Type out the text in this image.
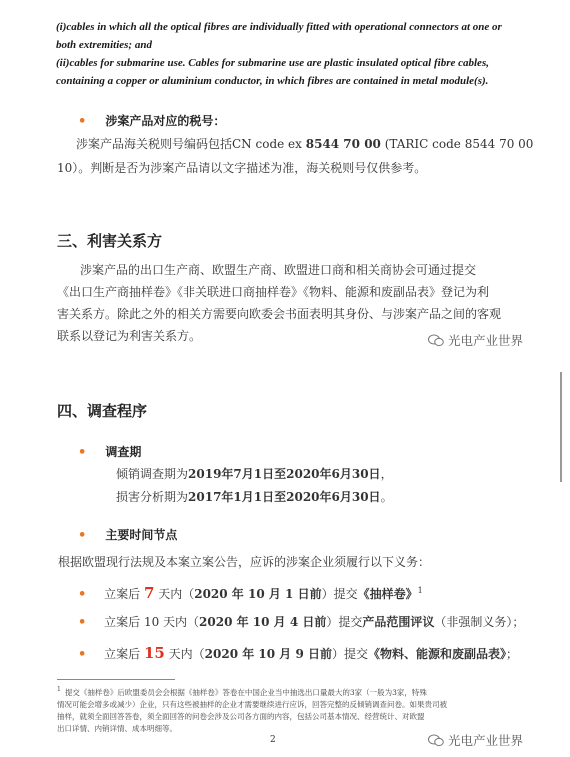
(i)cables in which all the optical fibres are individually fitted with operational connectors at one or
both extremities; and
(ii)cables for submarine use. Cables for submarine use are plastic insulated optical fibre cables,
containing a copper or aluminium conductor, in which fibres are contained in metal module(s).
• 涉案产品对应的税号：
涉案产品海关税则号编码包括CN code ex 8544 70 00 (TARIC code 8544 70 00
10）。判断是否为涉案产品请以文字描述为准，海关税则号仅供参考。
三、利害关系方
涉案产品的出口生产商、欧盟生产商、欧盟进口商和相关商协会可通过提交
《出口生产商抽样卷》《非关联进口商抽样卷》《物料、能源和废副品表》登记为利
害关系方。除此之外的相关方需要向欧委会书面表明其身份、与涉案产品之间的客观
联系以登记为利害关系方。	光电产业世界
四、调查程序
• 调查期
倾销调查期为2019年7月1日至2020年6月30日，
损害分析期为2017年1月1日至2020年6月30日。
• 主要时间节点
根据欧盟现行法规及本案立案公告，应诉的涉案企业须履行以下义务：
• 立案后 7 天内（2020 年 10 月 1 日前）提交《抽样卷》$^1$
• 立案后 10 天内（2020 年 10 月 4 日前）提交产品范围评议（非强制义务）；
• 立案后 15 天内（2020 年 10 月 9 日前）提交《物料、能源和废副品表》；
$^1$ 提交《抽样卷》后欧盟委员会会根据《抽样卷》答卷在中国企业当中抽选出口量最大的3家（一般为3家，特殊
情况可能会增多或减少）企业，只有这些被抽样的企业才需要继续进行应诉，回答完整的反倾销调查问卷。如果贵司被
抽样，就须全面回答答卷，须全面回答的问卷会涉及公司各方面的内容，包括公司基本情况、经营统计、对欧盟
出口详情、内销详情、成本明细等。
2	光电产业世界
